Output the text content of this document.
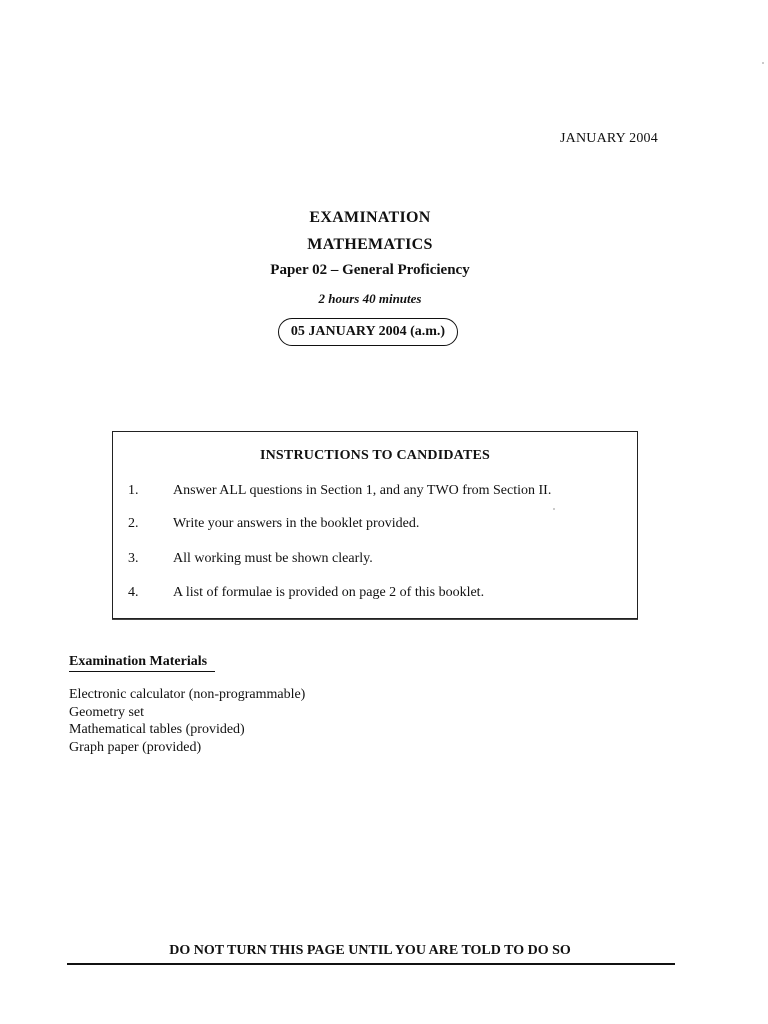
JANUARY 2004
EXAMINATION
MATHEMATICS
Paper 02 – General Proficiency
2 hours 40 minutes
05 JANUARY 2004 (a.m.)
INSTRUCTIONS TO CANDIDATES
1. Answer ALL questions in Section 1, and any TWO from Section II.
2. Write your answers in the booklet provided.
3. All working must be shown clearly.
4. A list of formulae is provided on page 2 of this booklet.
Examination Materials
Electronic calculator (non-programmable)
Geometry set
Mathematical tables (provided)
Graph paper (provided)
DO NOT TURN THIS PAGE UNTIL YOU ARE TOLD TO DO SO
